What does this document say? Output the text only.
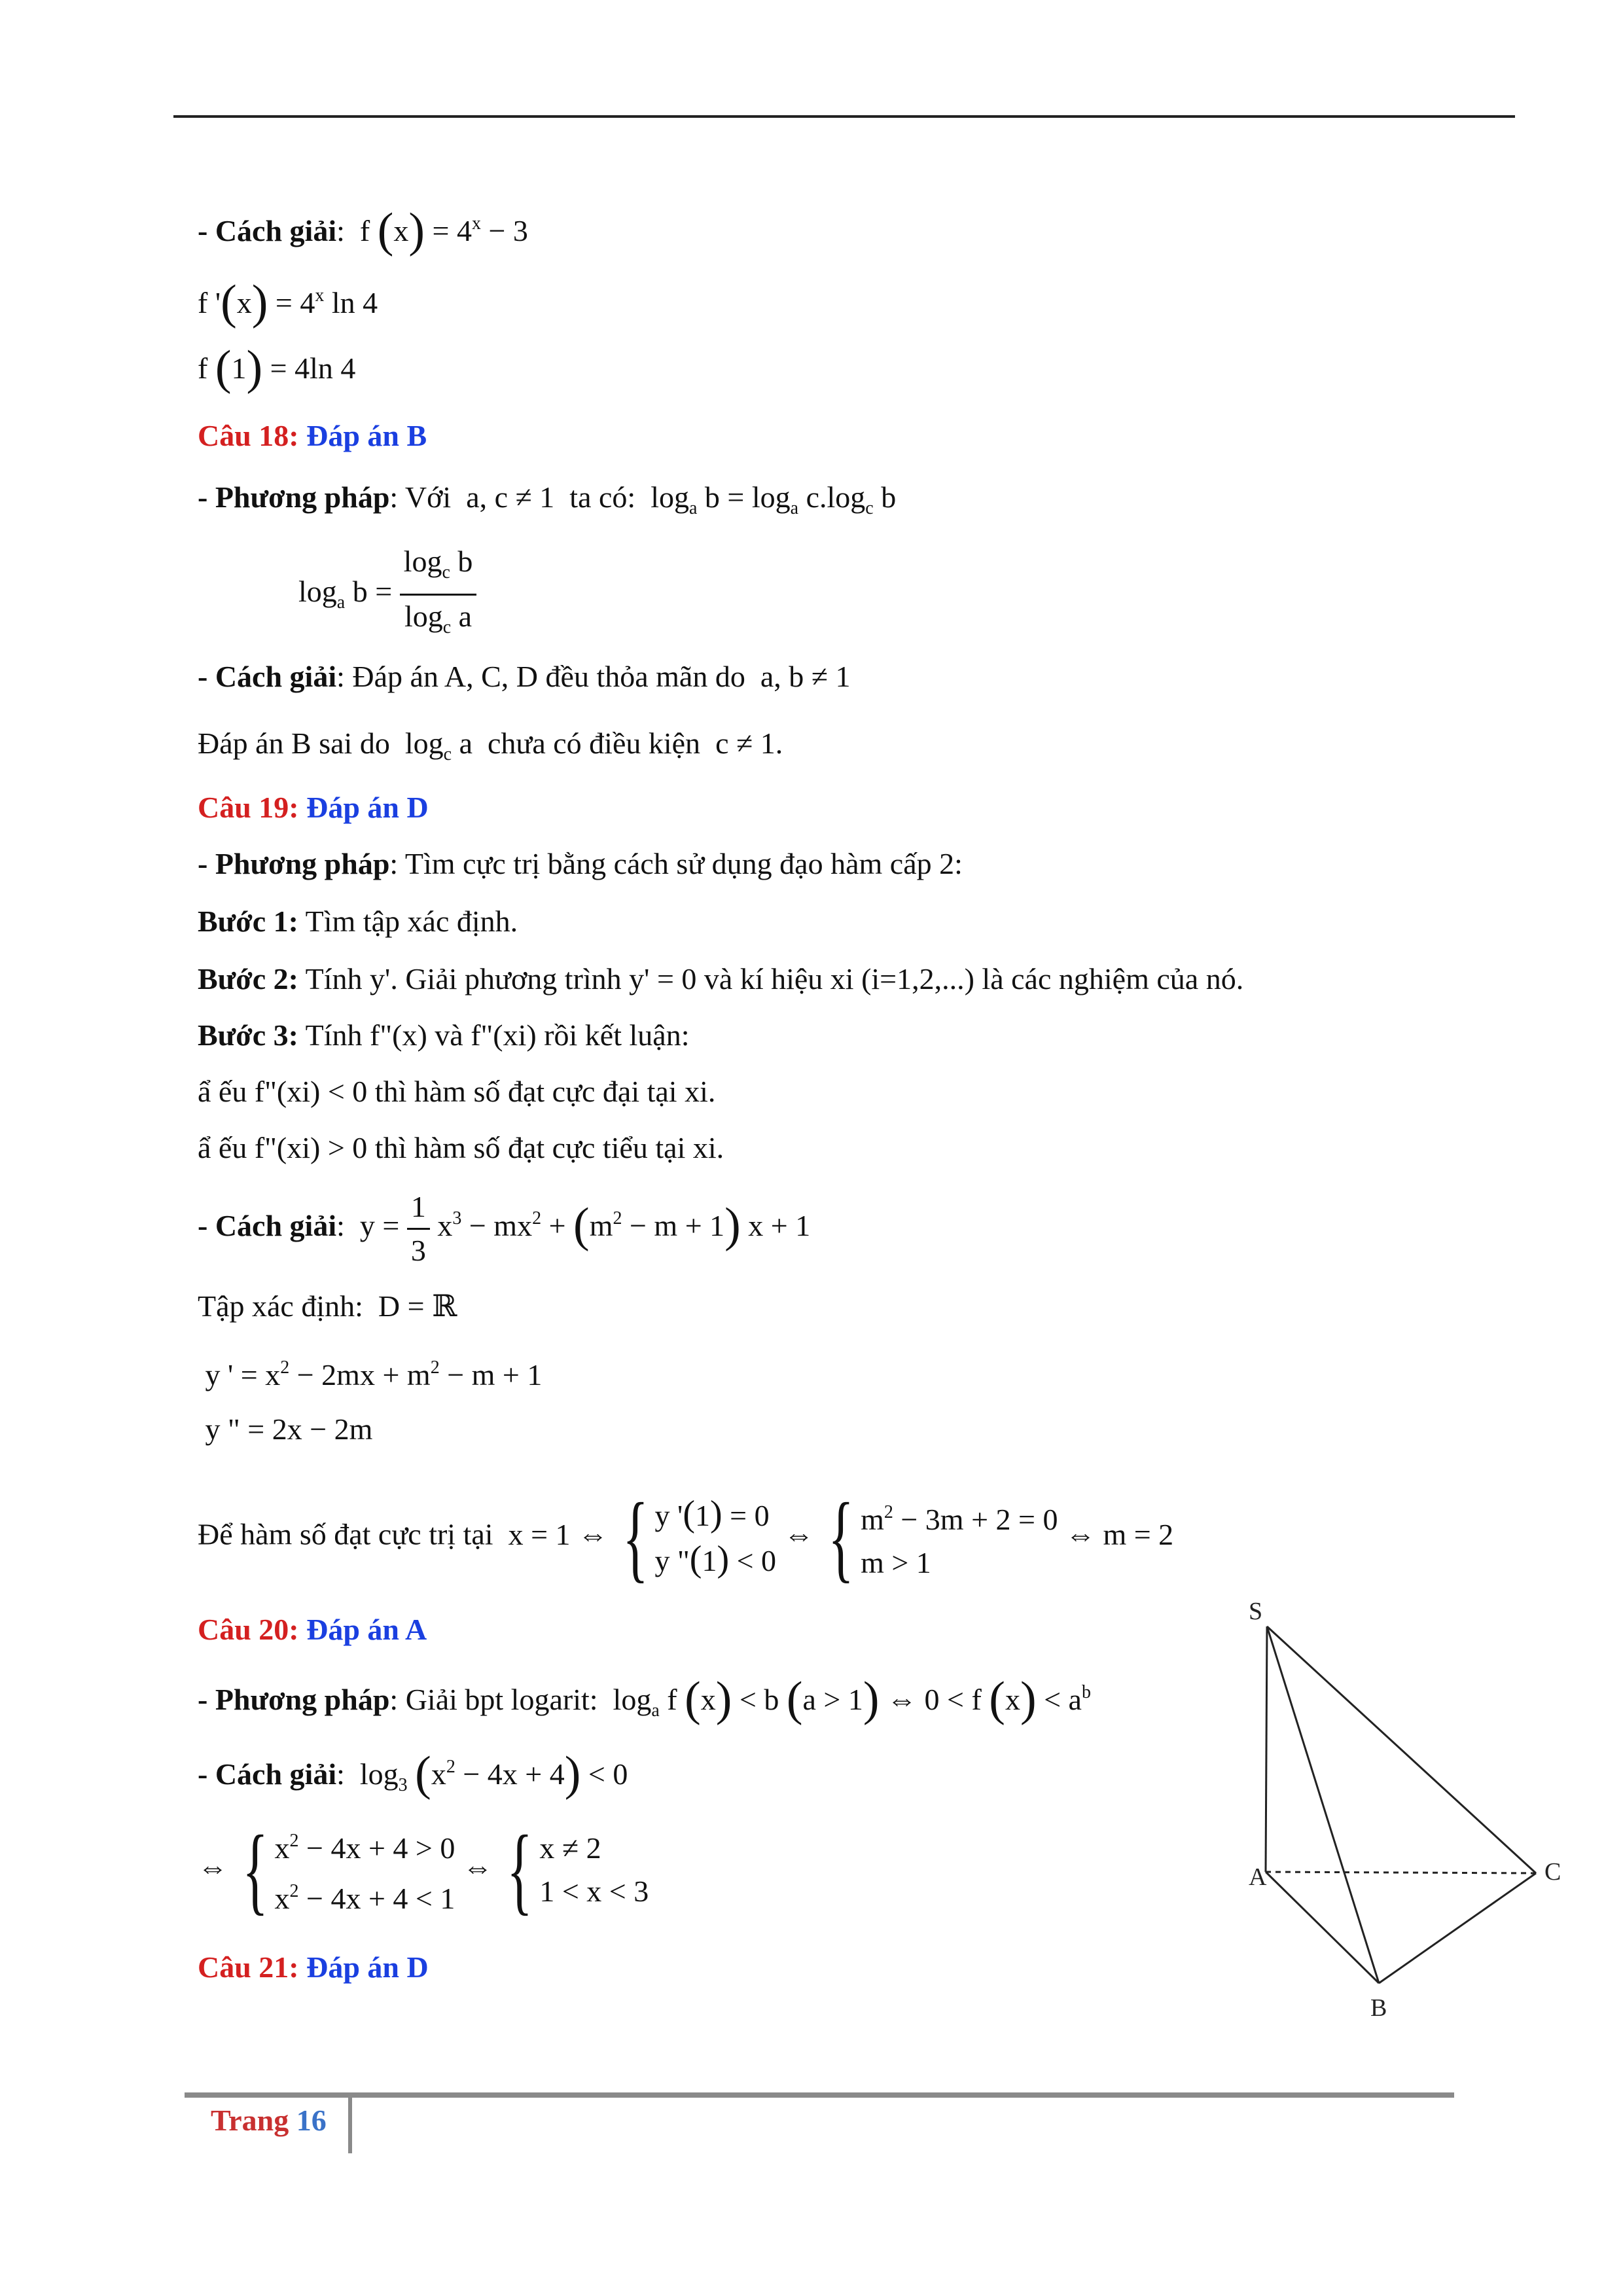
- Cách giải:  f $(x) = 4^x - 3$
f '$(x) = 4^x$ ln 4
f (1) = 4ln 4
Câu 18: Đáp án B
- Phương pháp: Với  a, c ≠ 1  ta có:  $\log_a b = \log_a c.\log_c$ b
$\log_a b = \frac{\log_c b}{\log_c a}$
- Cách giải: Đáp án A, C, D đều thỏa mãn do  a, b ≠ 1
Đáp án B sai do  $\log_c a$  chưa có điều kiện  c ≠ 1.
Câu 19: Đáp án D
- Phương pháp: Tìm cực trị bằng cách sử dụng đạo hàm cấp 2:
Bước 1: Tìm tập xác định.
Bước 2: Tính y'. Giải phương trình y' = 0 và kí hiệu xi (i=1,2,...) là các nghiệm của nó.
Bước 3: Tính f"(x) và f"(xi) rồi kết luận:
ẩ ếu f"(xi) < 0 thì hàm số đạt cực đại tại xi.
ẩ ếu f"(xi) > 0 thì hàm số đạt cực tiểu tại xi.
- Cách giải:  $y = \frac{1}{3} x^3 - mx^2 + (m^2 - m + 1) x + 1$
Tập xác định:  D = ℝ
y ' = $x^2 - 2mx + m^2 - m + 1$
y " = 2x − 2m
Để hàm số đạt cực trị tại  x = 1 ⇔ { y '(1) = 0
y "(1) < 0
⇔ { $m^2 - 3m + 2 = 0$
m > 1
⇔ m = 2
Câu 20: Đáp án A
- Phương pháp: Giải bpt logarit:  $\log_a f$ (x) < b (a > 1) ⇔ 0 < f $(x) < a^b$
- Cách giải:  $\log_3 (x^2 - 4x + 4) < 0$
⇔ { $x^2 - 4x + 4 > 0$
$x^2 - 4x + 4 < 1$
⇔ { x ≠ 2
1 < x < 3
Câu 21: Đáp án D
S
A
B
C
Trang 16
